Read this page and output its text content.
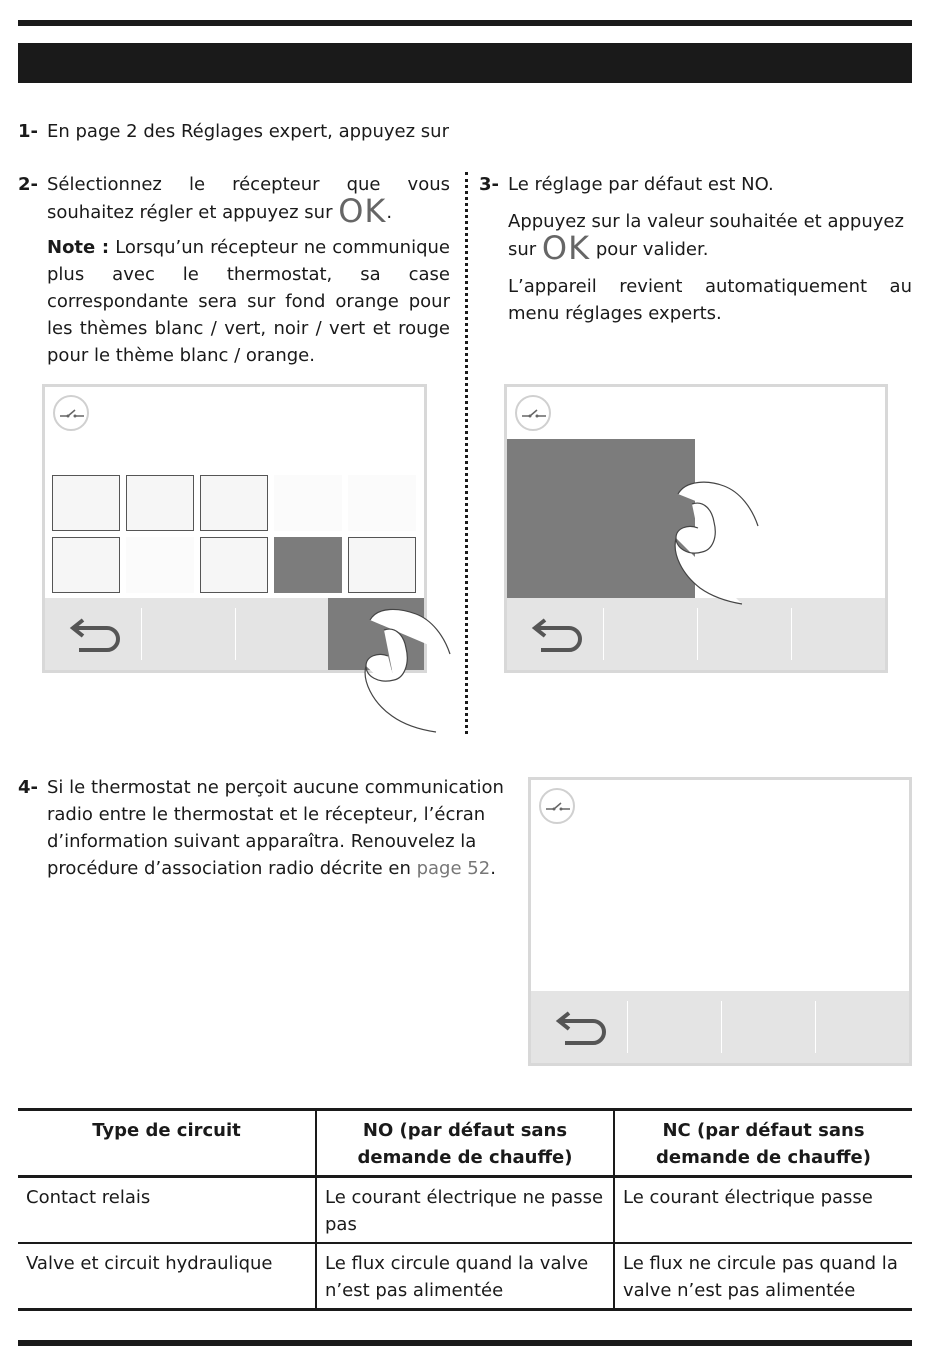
1- En page 2 des Réglages expert, appuyez sur
2- Sélectionnez le récepteur que vous souhaitez régler et appuyez sur OK.

Note : Lorsqu’un récepteur ne communique plus avec le thermostat, sa case correspondante sera sur fond orange pour les thèmes blanc / vert, noir / vert et rouge pour le thème blanc / orange.

3- Le réglage par défaut est NO.

Appuyez sur la valeur souhaitée et appuyez sur OK pour valider.

L’appareil revient automatiquement au menu réglages experts.

4- Si le thermostat ne perçoit aucune communication radio entre le thermostat et le récepteur, l’écran d’information suivant apparaîtra. Renouvelez la procédure d’association radio décrite en page 52.

Type de circuit	NO (par défaut sans demande de chauffe)	NC (par défaut sans demande de chauffe)
Contact relais	Le courant électrique ne passe pas	Le courant électrique passe
Valve et circuit hydraulique	Le flux circule quand la valve n’est pas alimentée	Le flux ne circule pas quand la valve n’est pas alimentée
